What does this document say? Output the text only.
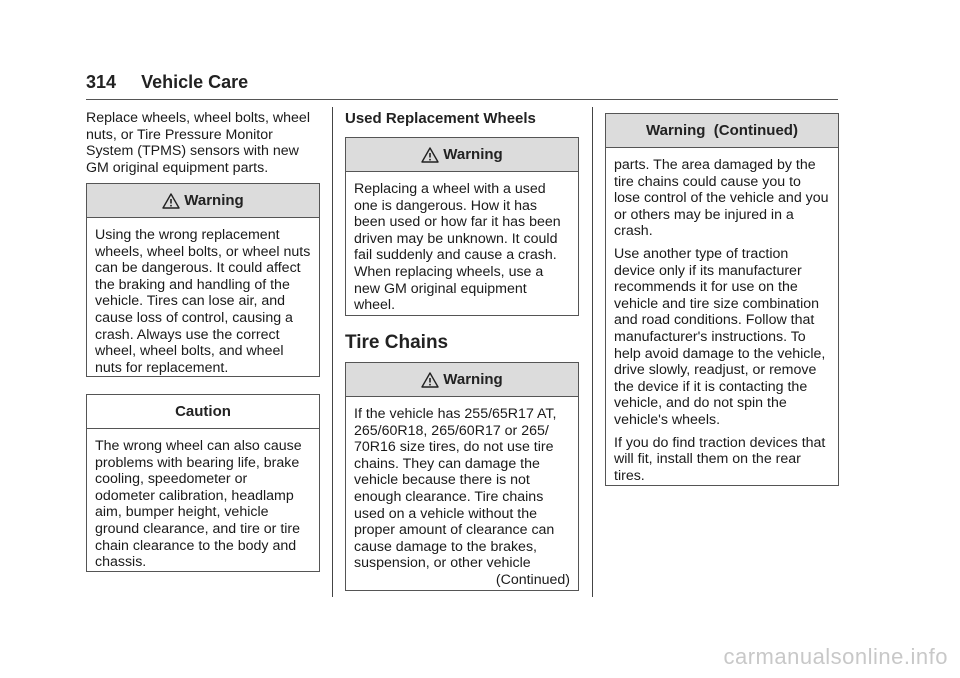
314 Vehicle Care

Replace wheels, wheel bolts, wheel nuts, or Tire Pressure Monitor System (TPMS) sensors with new GM original equipment parts.

Warning

Using the wrong replacement wheels, wheel bolts, or wheel nuts can be dangerous. It could affect the braking and handling of the vehicle. Tires can lose air, and cause loss of control, causing a crash. Always use the correct wheel, wheel bolts, and wheel nuts for replacement.

Caution

The wrong wheel can also cause problems with bearing life, brake cooling, speedometer or odometer calibration, headlamp aim, bumper height, vehicle ground clearance, and tire or tire chain clearance to the body and chassis.

Used Replacement Wheels
Warning

Replacing a wheel with a used one is dangerous. How it has been used or how far it has been driven may be unknown. It could fail suddenly and cause a crash. When replacing wheels, use a new GM original equipment wheel.

Tire Chains
Warning

If the vehicle has 255/65R17 AT, 265/60R18, 265/60R17 or 265/ 70R16 size tires, do not use tire chains. They can damage the vehicle because there is not enough clearance. Tire chains used on a vehicle without the proper amount of clearance can cause damage to the brakes, suspension, or other vehicle

(Continued)

Warning  (Continued)

parts. The area damaged by the tire chains could cause you to lose control of the vehicle and you or others may be injured in a crash.

Use another type of traction device only if its manufacturer recommends it for use on the vehicle and tire size combination and road conditions. Follow that manufacturer's instructions. To help avoid damage to the vehicle, drive slowly, readjust, or remove the device if it is contacting the vehicle, and do not spin the vehicle's wheels.

If you do find traction devices that will fit, install them on the rear tires.

carmanualsonline.info
